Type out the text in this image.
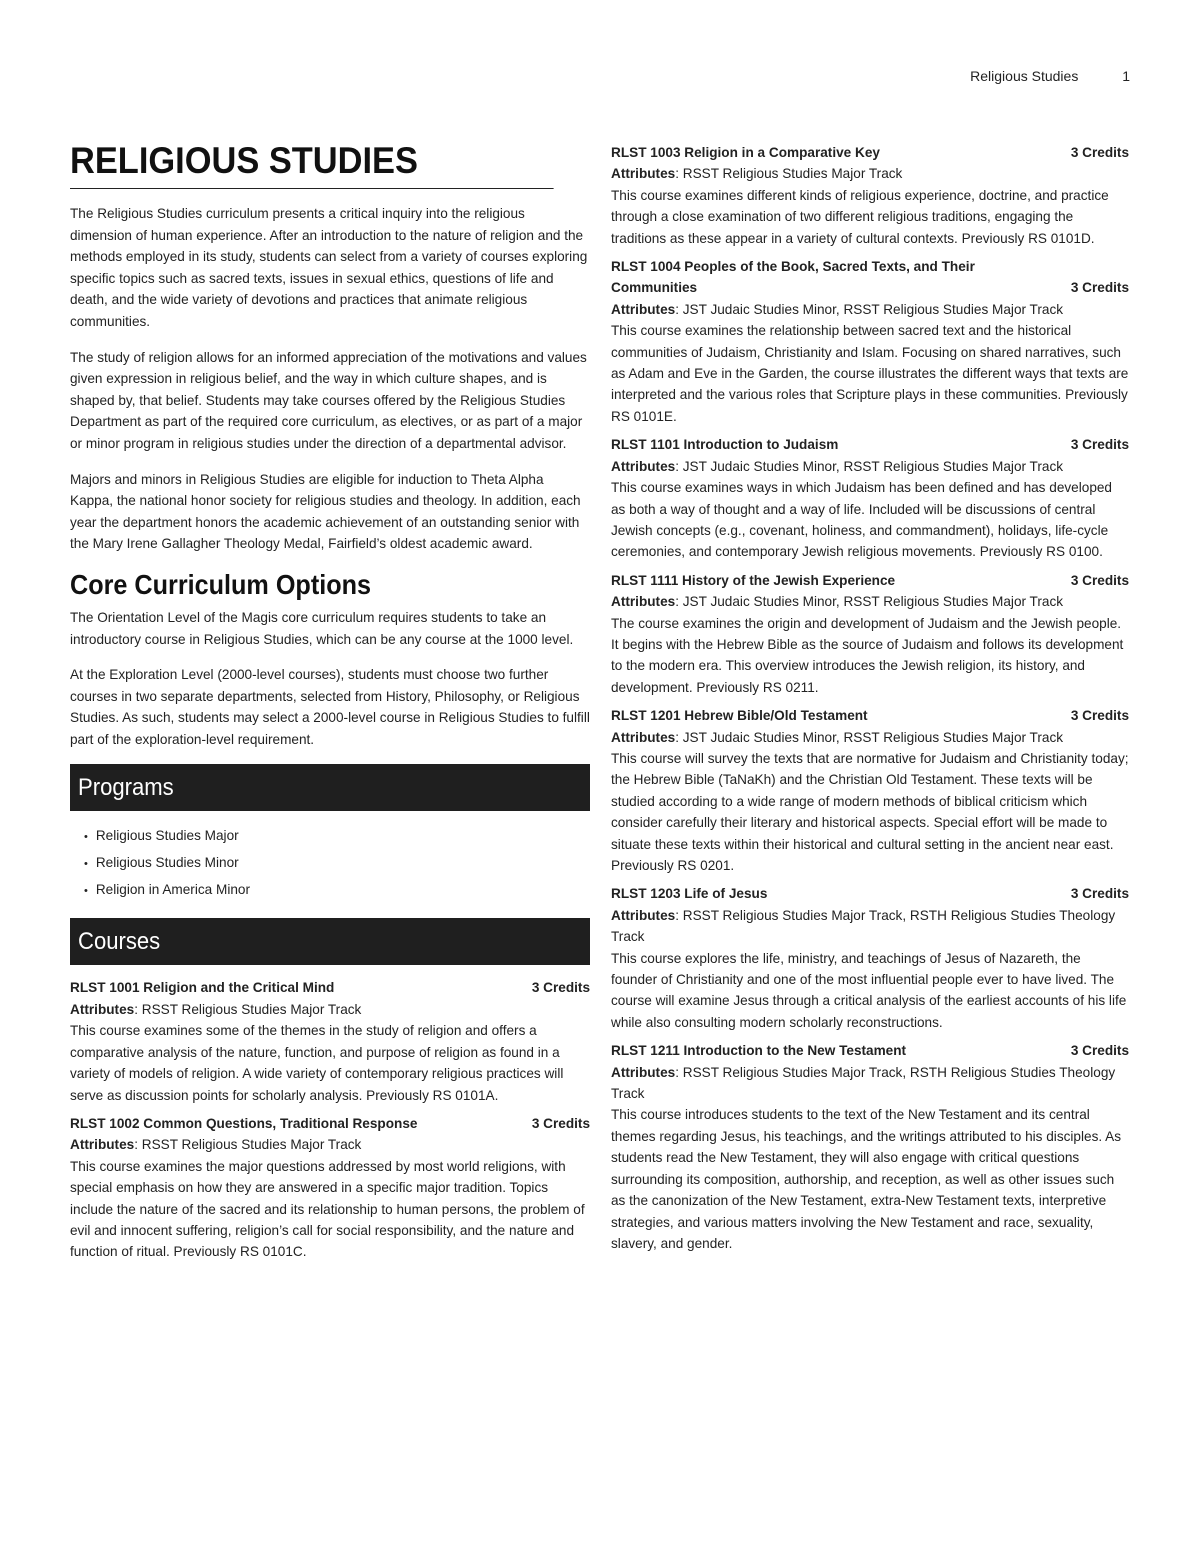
Religious Studies	1
RELIGIOUS STUDIES

The Religious Studies curriculum presents a critical inquiry into the religious dimension of human experience. After an introduction to the nature of religion and the methods employed in its study, students can select from a variety of courses exploring specific topics such as sacred texts, issues in sexual ethics, questions of life and death, and the wide variety of devotions and practices that animate religious communities.

The study of religion allows for an informed appreciation of the motivations and values given expression in religious belief, and the way in which culture shapes, and is shaped by, that belief. Students may take courses offered by the Religious Studies Department as part of the required core curriculum, as electives, or as part of a major or minor program in religious studies under the direction of a departmental advisor.

Majors and minors in Religious Studies are eligible for induction to Theta Alpha Kappa, the national honor society for religious studies and theology. In addition, each year the department honors the academic achievement of an outstanding senior with the Mary Irene Gallagher Theology Medal, Fairfield’s oldest academic award.

Core Curriculum Options

The Orientation Level of the Magis core curriculum requires students to take an introductory course in Religious Studies, which can be any course at the 1000 level.

At the Exploration Level (2000-level courses), students must choose two further courses in two separate departments, selected from History, Philosophy, or Religious Studies. As such, students may select a 2000-level course in Religious Studies to fulfill part of the exploration-level requirement.

Programs
• Religious Studies Major
• Religious Studies Minor
• Religion in America Minor
Courses
RLST 1001 Religion and the Critical Mind	3 Credits

Attributes: RSST Religious Studies Major Track

This course examines some of the themes in the study of religion and offers a comparative analysis of the nature, function, and purpose of religion as found in a variety of models of religion. A wide variety of contemporary religious practices will serve as discussion points for scholarly analysis. Previously RS 0101A.

RLST 1002 Common Questions, Traditional Response	3 Credits

Attributes: RSST Religious Studies Major Track

This course examines the major questions addressed by most world religions, with special emphasis on how they are answered in a specific major tradition. Topics include the nature of the sacred and its relationship to human persons, the problem of evil and innocent suffering, religion’s call for social responsibility, and the nature and function of ritual. Previously RS 0101C.

RLST 1003 Religion in a Comparative Key	3 Credits

Attributes: RSST Religious Studies Major Track

This course examines different kinds of religious experience, doctrine, and practice through a close examination of two different religious traditions, engaging the traditions as these appear in a variety of cultural contexts. Previously RS 0101D.

RLST 1004 Peoples of the Book, Sacred Texts, and Their Communities	3 Credits

Attributes: JST Judaic Studies Minor, RSST Religious Studies Major Track

This course examines the relationship between sacred text and the historical communities of Judaism, Christianity and Islam. Focusing on shared narratives, such as Adam and Eve in the Garden, the course illustrates the different ways that texts are interpreted and the various roles that Scripture plays in these communities. Previously RS 0101E.

RLST 1101 Introduction to Judaism	3 Credits

Attributes: JST Judaic Studies Minor, RSST Religious Studies Major Track

This course examines ways in which Judaism has been defined and has developed as both a way of thought and a way of life. Included will be discussions of central Jewish concepts (e.g., covenant, holiness, and commandment), holidays, life-cycle ceremonies, and contemporary Jewish religious movements. Previously RS 0100.

RLST 1111 History of the Jewish Experience	3 Credits

Attributes: JST Judaic Studies Minor, RSST Religious Studies Major Track

The course examines the origin and development of Judaism and the Jewish people. It begins with the Hebrew Bible as the source of Judaism and follows its development to the modern era. This overview introduces the Jewish religion, its history, and development. Previously RS 0211.

RLST 1201 Hebrew Bible/Old Testament	3 Credits

Attributes: JST Judaic Studies Minor, RSST Religious Studies Major Track

This course will survey the texts that are normative for Judaism and Christianity today; the Hebrew Bible (TaNaKh) and the Christian Old Testament. These texts will be studied according to a wide range of modern methods of biblical criticism which consider carefully their literary and historical aspects. Special effort will be made to situate these texts within their historical and cultural setting in the ancient near east. Previously RS 0201.

RLST 1203 Life of Jesus	3 Credits

Attributes: RSST Religious Studies Major Track, RSTH Religious Studies Theology Track

This course explores the life, ministry, and teachings of Jesus of Nazareth, the founder of Christianity and one of the most influential people ever to have lived. The course will examine Jesus through a critical analysis of the earliest accounts of his life while also consulting modern scholarly reconstructions.

RLST 1211 Introduction to the New Testament	3 Credits

Attributes: RSST Religious Studies Major Track, RSTH Religious Studies Theology Track

This course introduces students to the text of the New Testament and its central themes regarding Jesus, his teachings, and the writings attributed to his disciples. As students read the New Testament, they will also engage with critical questions surrounding its composition, authorship, and reception, as well as other issues such as the canonization of the New Testament, extra-New Testament texts, interpretive strategies, and various matters involving the New Testament and race, sexuality, slavery, and gender.
